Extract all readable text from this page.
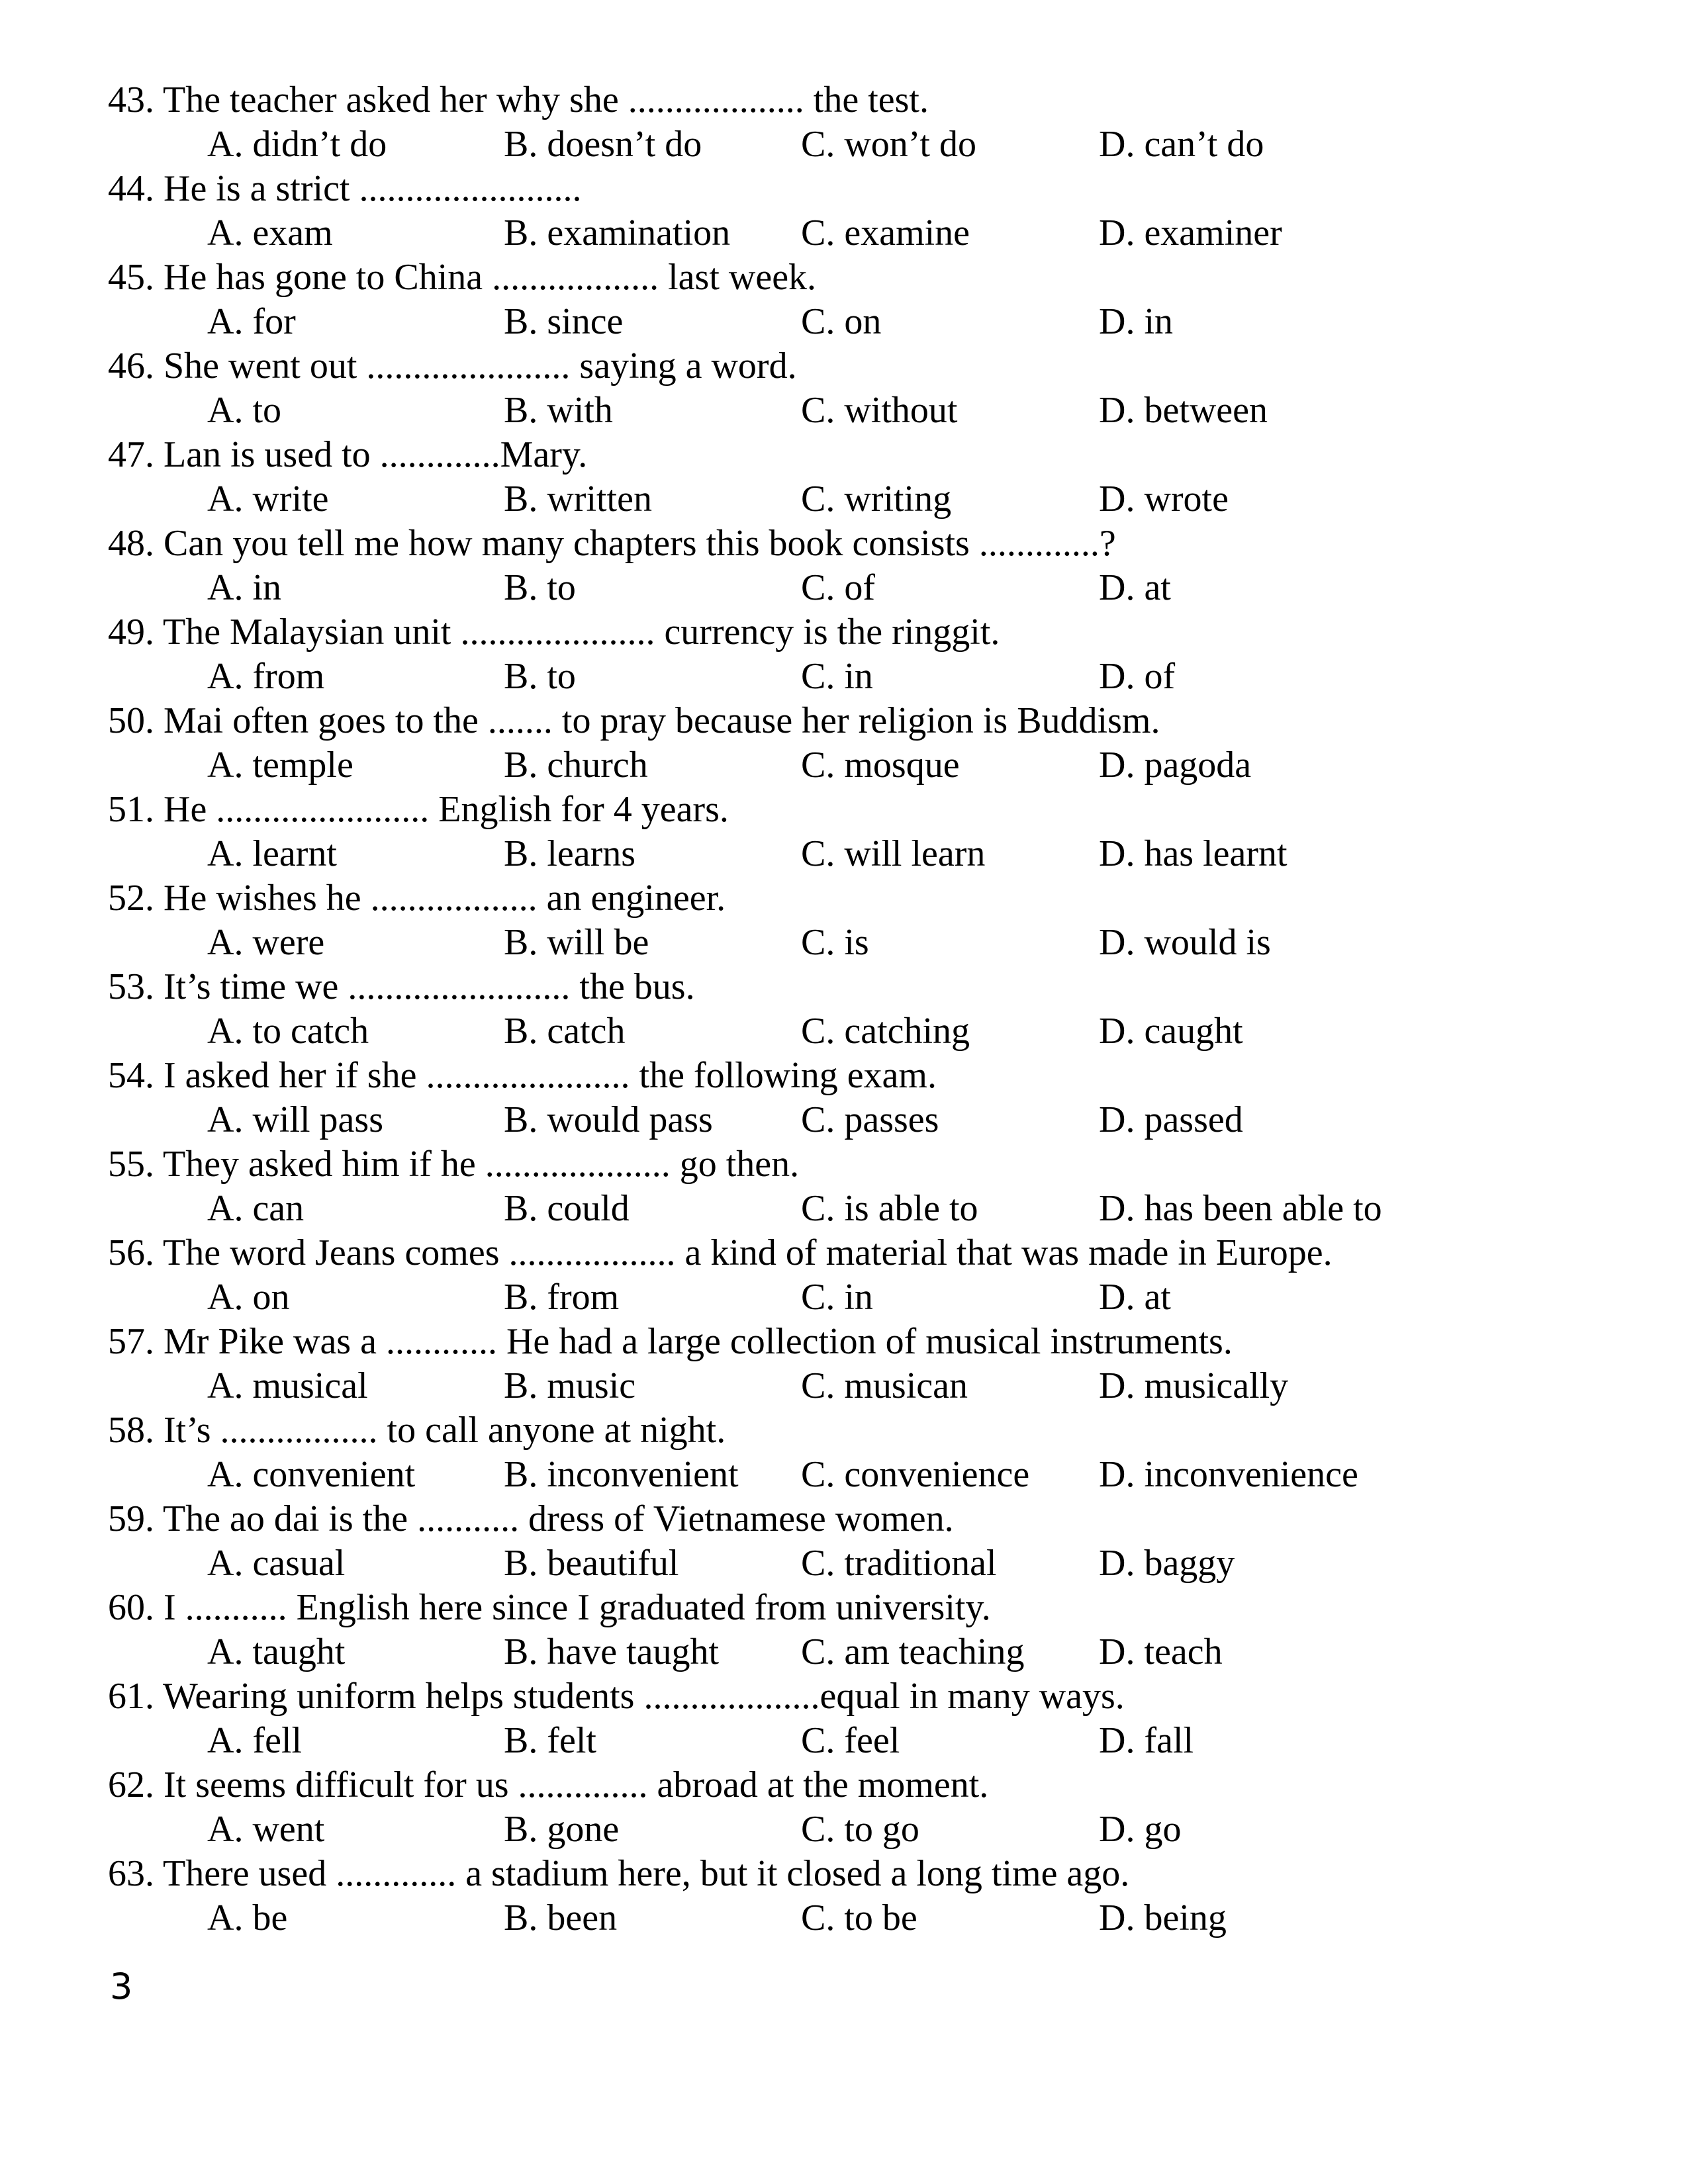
43. The teacher asked her why she ................... the test.
A. didn’t do	B. doesn’t do	C. won’t do	D. can’t do
44. He is a strict ........................
A. exam	B. examination C. examine	D. examiner
45. He has gone to China .................. last week.
A. for	B. since	C. on	D. in
46. She went out ...................... saying a word.
A. to	B. with	C. without	D. between
47. Lan is used to .............Mary.
A. write	B. written	C. writing	D. wrote
48. Can you tell me how many chapters this book consists .............?
A. in	B. to	C. of	D. at
49. The Malaysian unit ..................... currency is the ringgit.
A. from	B. to	C. in	D. of
50. Mai often goes to the ....... to pray because her religion is Buddism.
A. temple	B. church	C. mosque	D. pagoda
51. He ....................... English for 4 years.
A. learnt	B. learns	C. will learn	D. has learnt
52. He wishes he .................. an engineer.
A. were	B. will be	C. is	D. would is
53. It’s time we ........................ the bus.
A. to catch	B. catch	C. catching	D. caught
54. I asked her if she ...................... the following exam.
A. will pass	B. would pass C. passes	D. passed
55. They asked him if he .................... go then.
A. can	B. could	C. is able to	D. has been able to
56. The word Jeans comes .................. a kind of material that was made in Europe.
A. on	B. from	C. in	D. at
57. Mr Pike was a ............ He had a large collection of musical instruments.
A. musical	B. music	C. musican	D. musically
58. It’s ................. to call anyone at night.
A. convenient B. inconvenient C. convenience D. inconvenience
59. The ao dai is the ........... dress of Vietnamese women.
A. casual	B. beautiful	C. traditional	D. baggy
60. I ........... English here since I graduated from university.
A. taught	B. have taught C. am teaching D. teach
61. Wearing uniform helps students ...................equal in many ways.
A. fell	B. felt	C. feel	D. fall
62. It seems difficult for us .............. abroad at the moment.
A. went	B. gone	C. to go	D. go
63. There used ............. a stadium here, but it closed a long time ago.
A. be	B. been	C. to be	D. being
3
